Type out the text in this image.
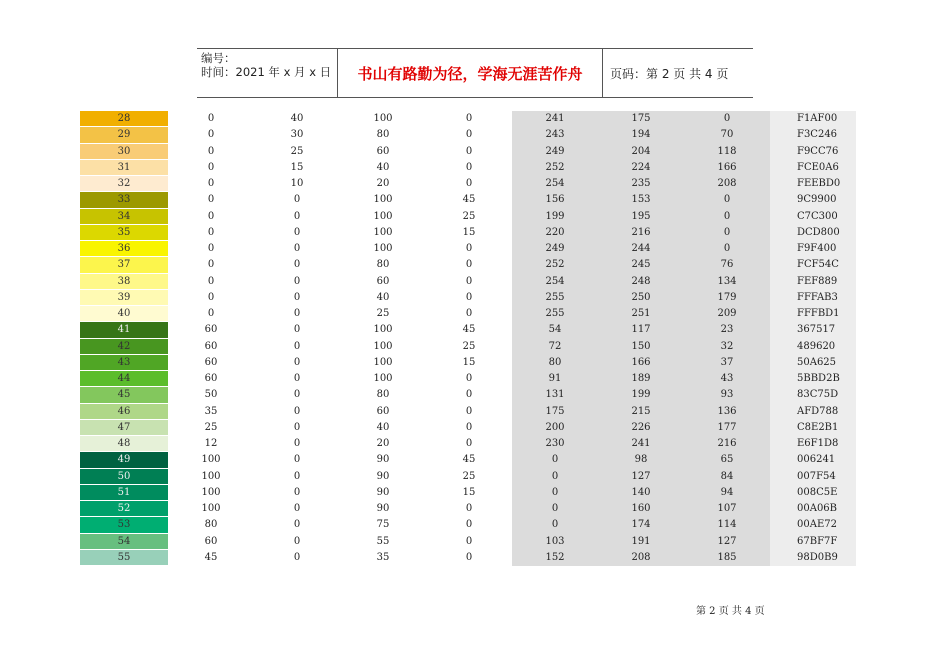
编号：
时间：2021 年 x 月 x 日	书山有路勤为径，学海无涯苦作舟	页码：第 2 页 共 4 页
28	0	40	100	0	241	175	0	F1AF00
29	0	30	80	0	243	194	70	F3C246
30	0	25	60	0	249	204	118	F9CC76
31	0	15	40	0	252	224	166	FCE0A6
32	0	10	20	0	254	235	208	FEEBD0
33	0	0	100	45	156	153	0	9C9900
34	0	0	100	25	199	195	0	C7C300
35	0	0	100	15	220	216	0	DCD800
36	0	0	100	0	249	244	0	F9F400
37	0	0	80	0	252	245	76	FCF54C
38	0	0	60	0	254	248	134	FEF889
39	0	0	40	0	255	250	179	FFFAB3
40	0	0	25	0	255	251	209	FFFBD1
41	60	0	100	45	54	117	23	367517
42	60	0	100	25	72	150	32	489620
43	60	0	100	15	80	166	37	50A625
44	60	0	100	0	91	189	43	5BBD2B
45	50	0	80	0	131	199	93	83C75D
46	35	0	60	0	175	215	136	AFD788
47	25	0	40	0	200	226	177	C8E2B1
48	12	0	20	0	230	241	216	E6F1D8
49	100	0	90	45	0	98	65	006241
50	100	0	90	25	0	127	84	007F54
51	100	0	90	15	0	140	94	008C5E
52	100	0	90	0	0	160	107	00A06B
53	80	0	75	0	0	174	114	00AE72
54	60	0	55	0	103	191	127	67BF7F
55	45	0	35	0	152	208	185	98D0B9
第 2 页 共 4 页
